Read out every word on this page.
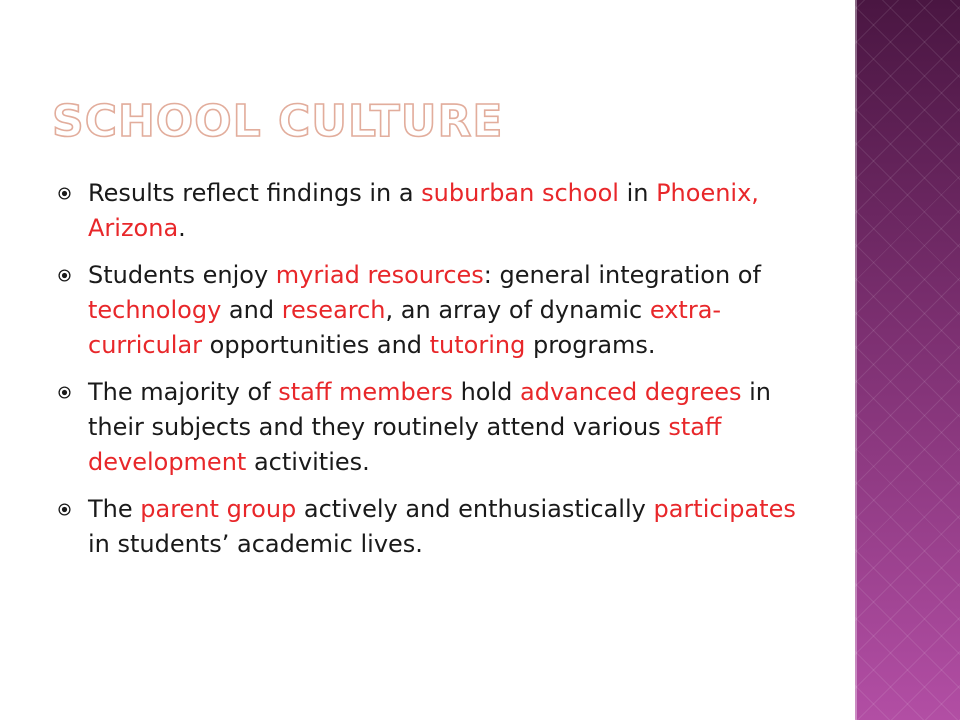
SCHOOL CULTURE
Results reflect findings in a suburban school in Phoenix, Arizona.
Students enjoy myriad resources: general integration of technology and research, an array of dynamic extra-curricular opportunities and tutoring programs.
The majority of staff members hold advanced degrees in their subjects and they routinely attend various staff development activities.
The parent group actively and enthusiastically participates in students’ academic lives.
